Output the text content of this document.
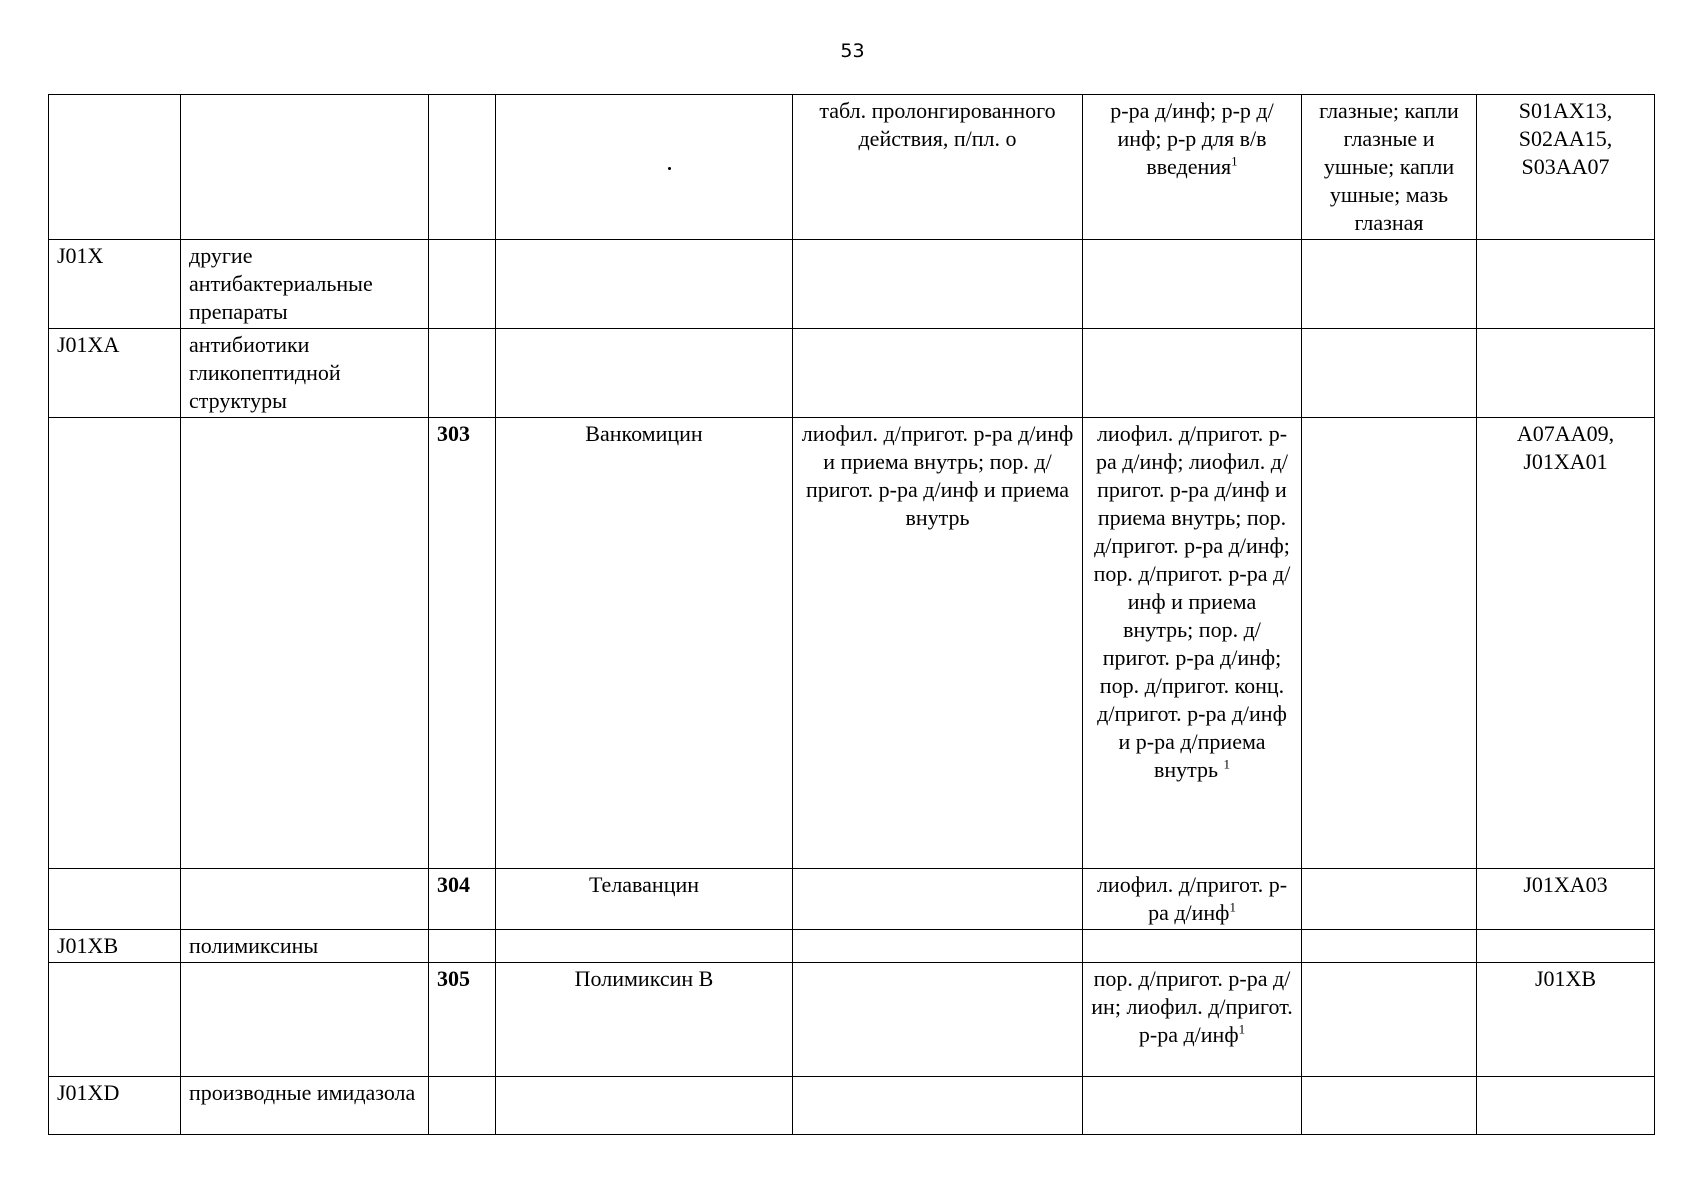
53
				табл. пролонгированного действия, п/пл. о	р-ра д/инф; р-р д/инф; р-р для в/в введения$^1$	глазные; капли глазные и ушные; капли ушные; мазь глазная	S01AX13, S02AA15, S03AA07
J01X	другие антибактериальные препараты						
J01XA	антибиотики гликопептидной структуры						
		303	Ванкомицин	лиофил. д/пригот. р-ра д/инф и приема внутрь; пор. д/пригот. р-ра д/инф и приема внутрь	лиофил. д/пригот. р-ра д/инф; лиофил. д/пригот. р-ра д/инф и приема внутрь; пор. д/пригот. р-ра д/инф; пор. д/пригот. р-ра д/инф и приема внутрь; пор. д/пригот. р-ра д/инф; пор. д/пригот. конц. д/пригот. р-ра д/инф и р-ра д/приема внутрь $^1$		A07AA09, J01XA01
		304	Телаванцин		лиофил. д/пригот. р-ра д/инф$^1$		J01XA03
J01XB	полимиксины						
		305	Полимиксин В		пор. д/пригот. р-ра д/ин; лиофил. д/пригот. р-ра д/инф$^1$		J01XB
J01XD	производные имидазола						
